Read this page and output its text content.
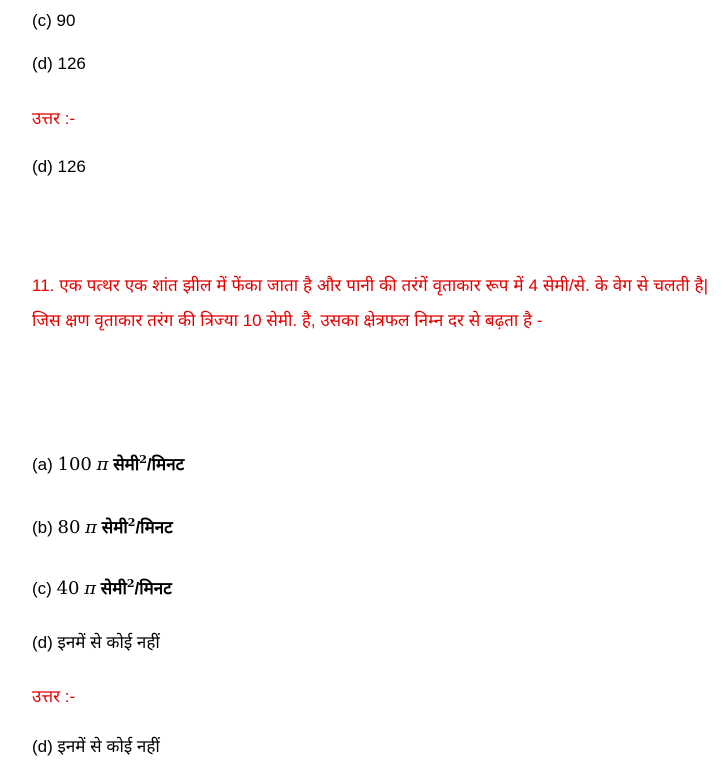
(c) 90
(d) 126
उत्तर :-
(d) 126
11. एक पत्थर एक शांत झील में फेंका जाता है और पानी की तरंगें वृताकार रूप में 4 सेमी/से. के वेग से चलती है| जिस क्षण वृताकार तरंग की त्रिज्या 10 सेमी. है, उसका क्षेत्रफल निम्न दर से बढ़ता है -
(a) 100 π सेमी$^2$/मिनट
(b) 80 π सेमी$^2$/मिनट
(c) 40 π सेमी$^2$/मिनट
(d) इनमें से कोई नहीं
उत्तर :-
(d) इनमें से कोई नहीं
